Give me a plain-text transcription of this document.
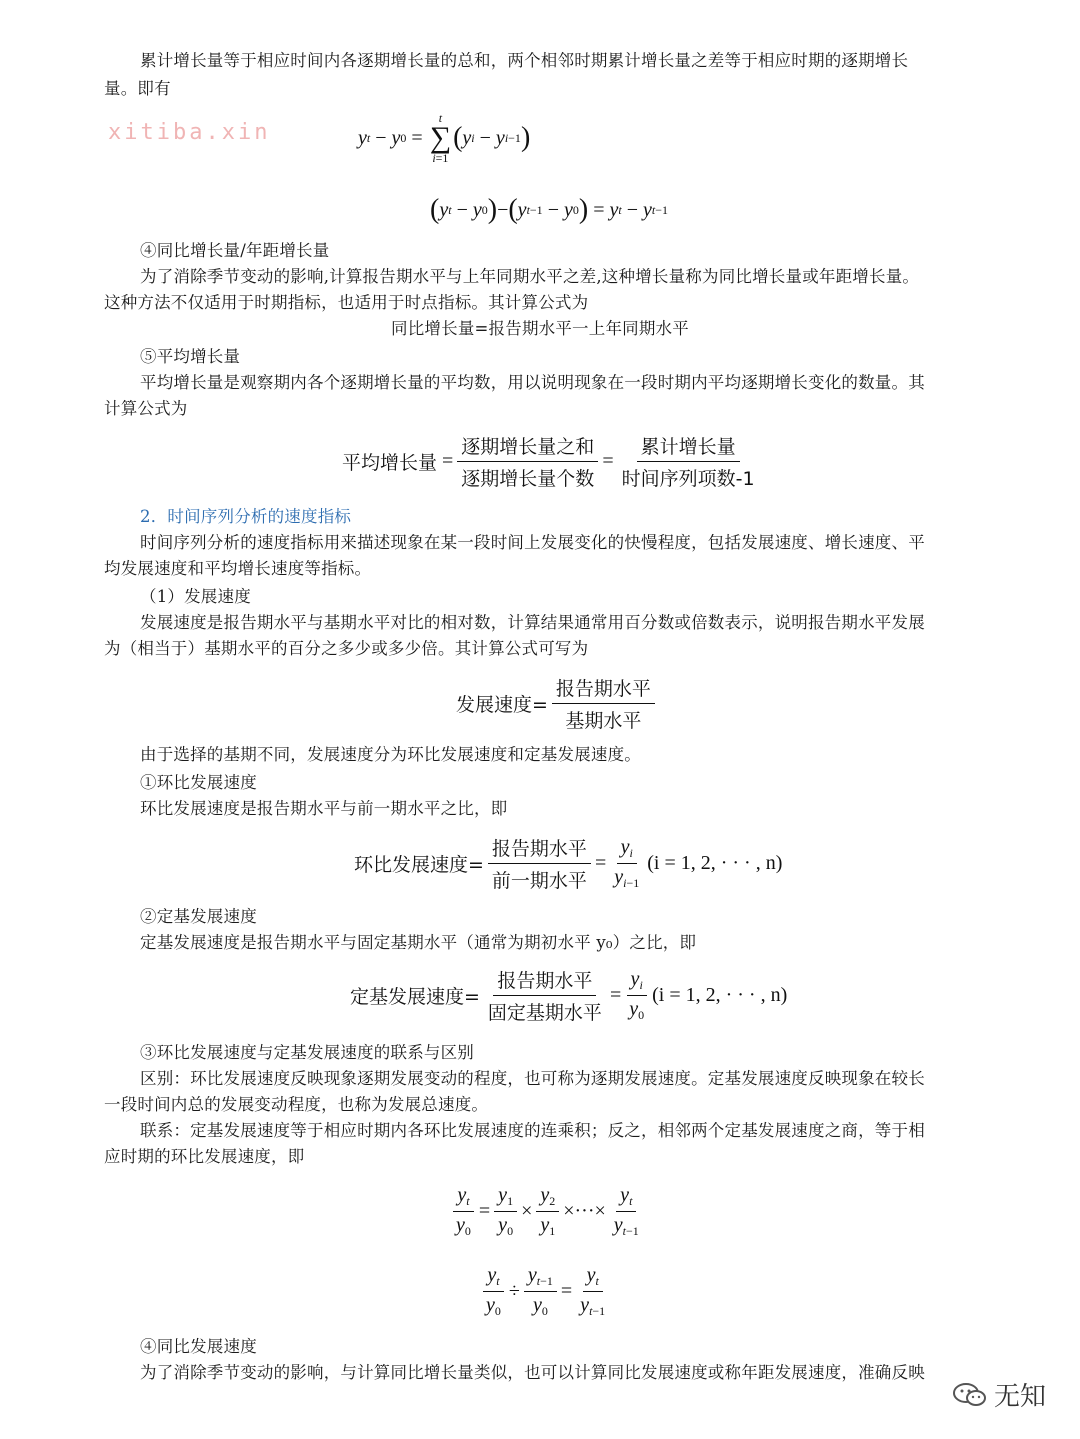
累计增长量等于相应时间内各逐期增长量的总和，两个相邻时期累计增长量之差等于相应时期的逐期增长
量。即有
xitiba.xin	y t − y 0 =
t
∑
i=1
( y i − y i−1 )
( y t − y 0 ) − ( y t−1 − y 0 ) = y t − y t−1
④同比增长量/年距增长量
为了消除季节变动的影响,计算报告期水平与上年同期水平之差,这种增长量称为同比增长量或年距增长量。
这种方法不仅适用于时期指标，也适用于时点指标。其计算公式为
同比增长量=报告期水平一上年同期水平
⑤平均增长量
平均增长量是观察期内各个逐期增长量的平均数，用以说明现象在一段时期内平均逐期增长变化的数量。其
计算公式为
平均增长量 = $\frac{\text{逐期增长量之和}}{\text{逐期增长量个数}} = \frac{\text{累计增长量}}{\text{时间序列项数-1}}$
2．时间序列分析的速度指标
时间序列分析的速度指标用来描述现象在某一段时间上发展变化的快慢程度，包括发展速度、增长速度、平
均发展速度和平均增长速度等指标。
（1）发展速度
发展速度是报告期水平与基期水平对比的相对数，计算结果通常用百分数或倍数表示，说明报告期水平发展
为（相当于）基期水平的百分之多少或多少倍。其计算公式可写为
发展速度= $\frac{\text{报告期水平}}{\text{基期水平}}$
由于选择的基期不同，发展速度分为环比发展速度和定基发展速度。
①环比发展速度
环比发展速度是报告期水平与前一期水平之比，即
环比发展速度= $\frac{\text{报告期水平}}{\text{前一期水平}} = \frac{y_i}{y_{i-1}} (i = 1$, 2, · · · , n)
②定基发展速度
定基发展速度是报告期水平与固定基期水平（通常为期初水平 y₀）之比，即
定基发展速度= $\frac{\text{报告期水平}}{\text{固定基期水平}} = \frac{y_i}{y_0} (i = 1$, 2, · · · , n)
③环比发展速度与定基发展速度的联系与区别
区别：环比发展速度反映现象逐期发展变动的程度，也可称为逐期发展速度。定基发展速度反映现象在较长
一段时间内总的发展变动程度，也称为发展总速度。
联系：定基发展速度等于相应时期内各环比发展速度的连乘积；反之，相邻两个定基发展速度之商，等于相
应时期的环比发展速度，即
$\frac{y_t}{y_0} = \frac{y_1}{y_0} \times \frac{y_2}{y_1}$ ×···× $\frac{y_t}{y_{t-1}}$
$\frac{y_t}{y_0} \div \frac{y_{t-1}}{y_0} = \frac{y_t}{y_{t-1}}$
④同比发展速度
为了消除季节变动的影响，与计算同比增长量类似，也可以计算同比发展速度或称年距发展速度，准确反映
无知
